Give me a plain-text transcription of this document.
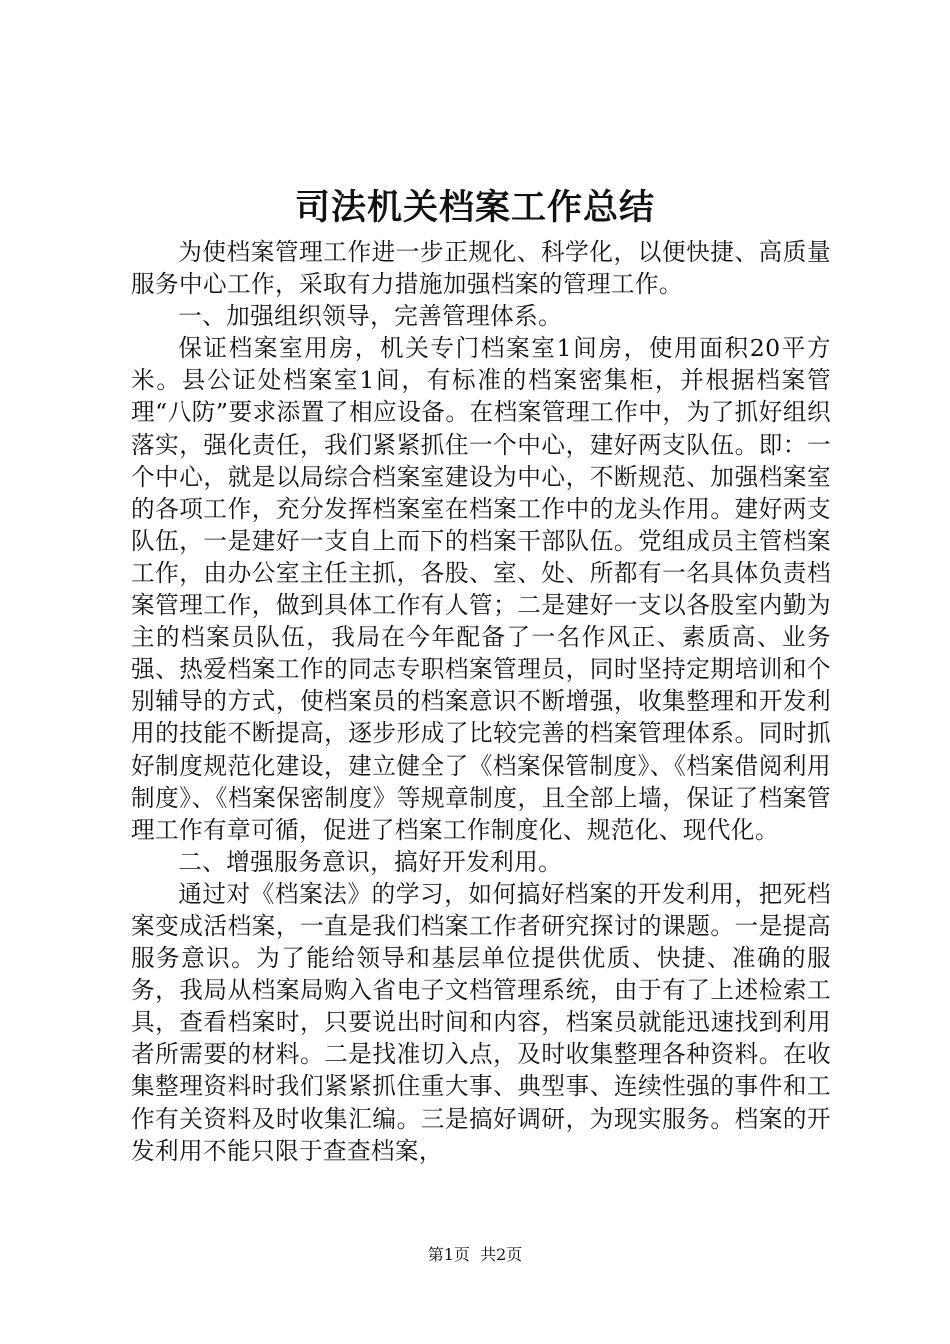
司法机关档案工作总结

为使档案管理工作进一步正规化、科学化，以便快捷、高质量服务中心工作，采取有力措施加强档案的管理工作。

一、加强组织领导，完善管理体系。

保证档案室用房，机关专门档案室1间房，使用面积20平方米。县公证处档案室1间，有标准的档案密集柜，并根据档案管理“八防”要求添置了相应设备。在档案管理工作中，为了抓好组织落实，强化责任，我们紧紧抓住一个中心，建好两支队伍。即：一个中心，就是以局综合档案室建设为中心，不断规范、加强档案室的各项工作，充分发挥档案室在档案工作中的龙头作用。建好两支队伍，一是建好一支自上而下的档案干部队伍。党组成员主管档案工作，由办公室主任主抓，各股、室、处、所都有一名具体负责档案管理工作，做到具体工作有人管；二是建好一支以各股室内勤为主的档案员队伍，我局在今年配备了一名作风正、素质高、业务强、热爱档案工作的同志专职档案管理员，同时坚持定期培训和个别辅导的方式，使档案员的档案意识不断增强，收集整理和开发利用的技能不断提高，逐步形成了比较完善的档案管理体系。同时抓好制度规范化建设，建立健全了《档案保管制度》、《档案借阅利用制度》、《档案保密制度》等规章制度，且全部上墙，保证了档案管理工作有章可循，促进了档案工作制度化、规范化、现代化。

二、增强服务意识，搞好开发利用。

通过对《档案法》的学习，如何搞好档案的开发利用，把死档案变成活档案，一直是我们档案工作者研究探讨的课题。一是提高服务意识。为了能给领导和基层单位提供优质、快捷、准确的服务，我局从档案局购入省电子文档管理系统，由于有了上述检索工具，查看档案时，只要说出时间和内容，档案员就能迅速找到利用者所需要的材料。二是找准切入点，及时收集整理各种资料。在收集整理资料时我们紧紧抓住重大事、典型事、连续性强的事件和工作有关资料及时收集汇编。三是搞好调研，为现实服务。档案的开发利用不能只限于查查档案，

第1页 共2页
